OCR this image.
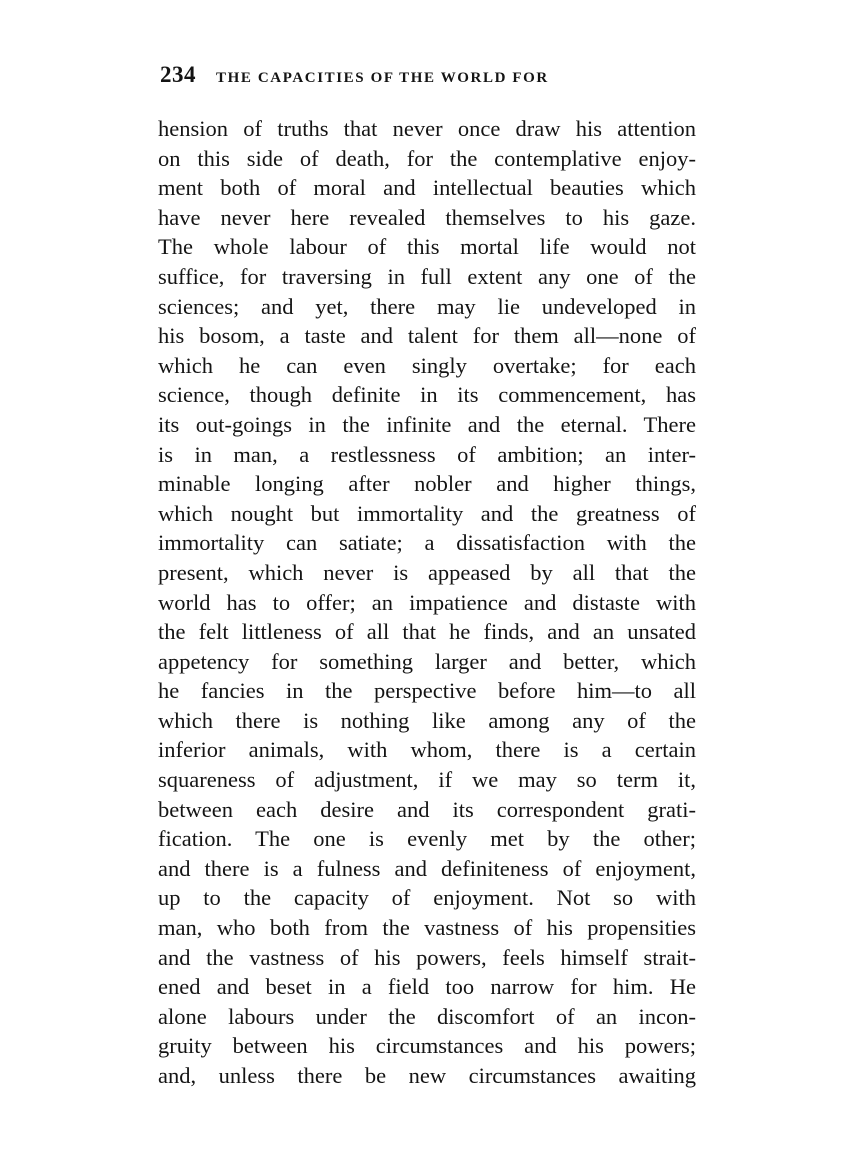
234 THE CAPACITIES OF THE WORLD FOR
hension of truths that never once draw his attention
on this side of death, for the contemplative enjoy-
ment both of moral and intellectual beauties which
have never here revealed themselves to his gaze.
The whole labour of this mortal life would not
suffice, for traversing in full extent any one of the
sciences; and yet, there may lie undeveloped in
his bosom, a taste and talent for them all—none of
which he can even singly overtake; for each
science, though definite in its commencement, has
its out-goings in the infinite and the eternal. There
is in man, a restlessness of ambition; an inter-
minable longing after nobler and higher things,
which nought but immortality and the greatness of
immortality can satiate; a dissatisfaction with the
present, which never is appeased by all that the
world has to offer; an impatience and distaste with
the felt littleness of all that he finds, and an unsated
appetency for something larger and better, which
he fancies in the perspective before him—to all
which there is nothing like among any of the
inferior animals, with whom, there is a certain
squareness of adjustment, if we may so term it,
between each desire and its correspondent grati-
fication. The one is evenly met by the other;
and there is a fulness and definiteness of enjoyment,
up to the capacity of enjoyment. Not so with
man, who both from the vastness of his propensities
and the vastness of his powers, feels himself strait-
ened and beset in a field too narrow for him. He
alone labours under the discomfort of an incon-
gruity between his circumstances and his powers;
and, unless there be new circumstances awaiting
